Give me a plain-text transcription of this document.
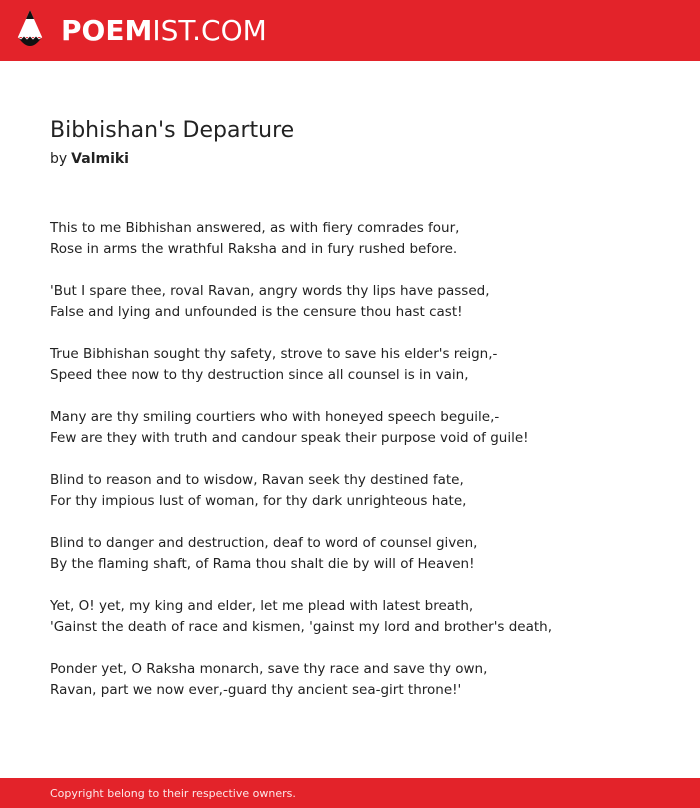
POEMIST.COM
Bibhishan's Departure

by Valmiki

This to me Bibhishan answered, as with fiery comrades four,
Rose in arms the wrathful Raksha and in fury rushed before.
'But I spare thee, roval Ravan, angry words thy lips have passed,
False and lying and unfounded is the censure thou hast cast!
True Bibhishan sought thy safety, strove to save his elder's reign,-
Speed thee now to thy destruction since all counsel is in vain,
Many are thy smiling courtiers who with honeyed speech beguile,-
Few are they with truth and candour speak their purpose void of guile!
Blind to reason and to wisdow, Ravan seek thy destined fate,
For thy impious lust of woman, for thy dark unrighteous hate,
Blind to danger and destruction, deaf to word of counsel given,
By the flaming shaft, of Rama thou shalt die by will of Heaven!
Yet, O! yet, my king and elder, let me plead with latest breath,
'Gainst the death of race and kismen, 'gainst my lord and brother's death,
Ponder yet, O Raksha monarch, save thy race and save thy own,
Ravan, part we now ever,-guard thy ancient sea-girt throne!'
Copyright belong to their respective owners.
